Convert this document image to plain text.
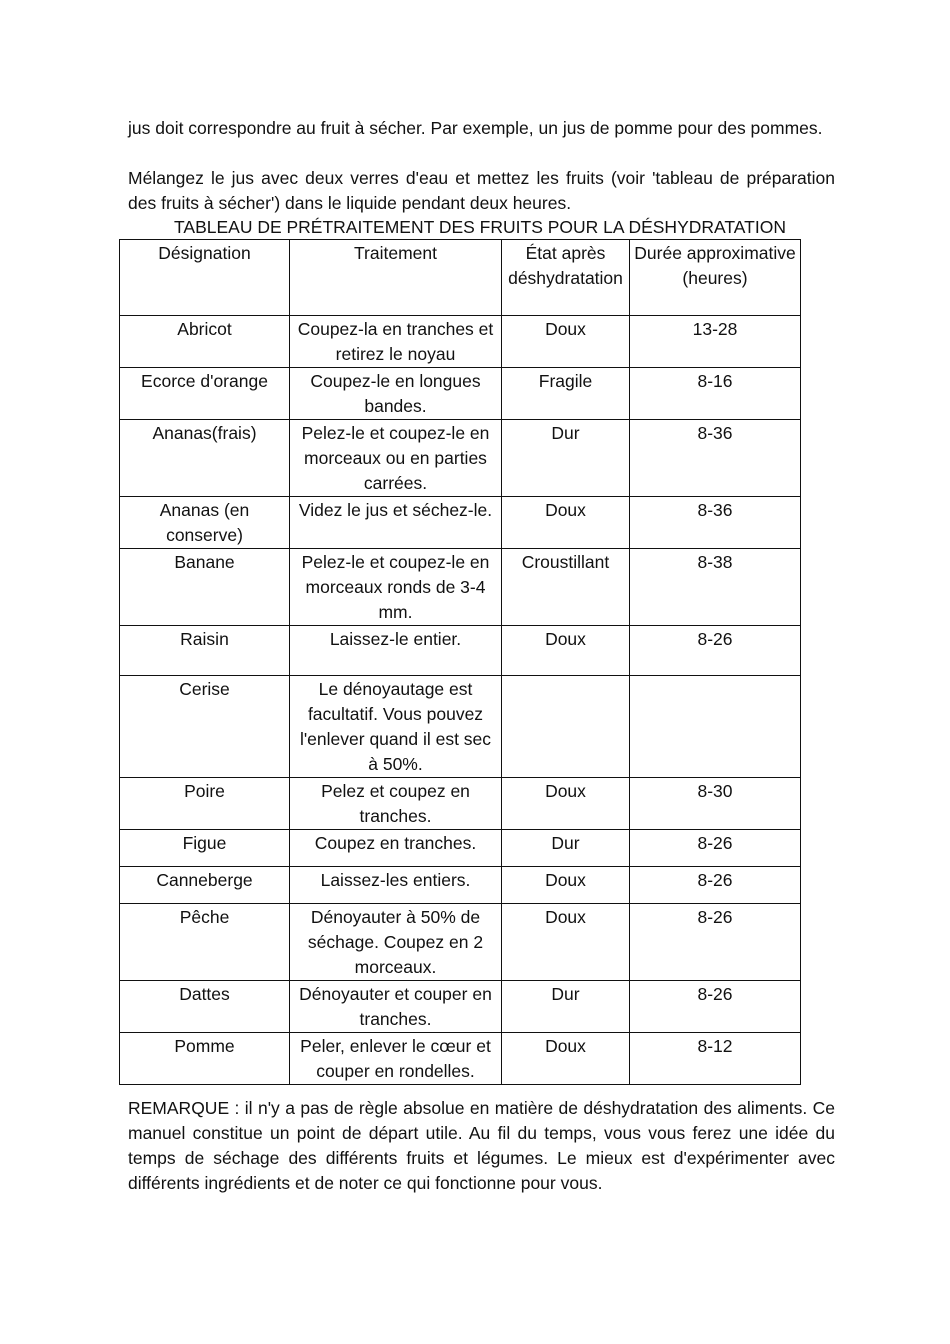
jus doit correspondre au fruit à sécher. Par exemple, un jus de pomme pour des pommes.

Mélangez le jus avec deux verres d'eau et mettez les fruits (voir 'tableau de préparation des fruits à sécher') dans le liquide pendant deux heures.

TABLEAU DE PRÉTRAITEMENT DES FRUITS POUR LA DÉSHYDRATATION

Désignation	Traitement	État après déshydratation	Durée approximative (heures)
Abricot	Coupez-la en tranches et retirez le noyau	Doux	13-28
Ecorce d'orange	Coupez-le en longues bandes.	Fragile	8-16
Ananas(frais)	Pelez-le et coupez-le en morceaux ou en parties carrées.	Dur	8-36
Ananas (en conserve)	Videz le jus et séchez-le.	Doux	8-36
Banane	Pelez-le et coupez-le en morceaux ronds de 3-4 mm.	Croustillant	8-38
Raisin	Laissez-le entier.	Doux	8-26
Cerise	Le dénoyautage est facultatif. Vous pouvez l'enlever quand il est sec à 50%.		
Poire	Pelez et coupez en tranches.	Doux	8-30
Figue	Coupez en tranches.	Dur	8-26
Canneberge	Laissez-les entiers.	Doux	8-26
Pêche	Dénoyauter à 50% de séchage. Coupez en 2 morceaux.	Doux	8-26
Dattes	Dénoyauter et couper en tranches.	Dur	8-26
Pomme	Peler, enlever le cœur et couper en rondelles.	Doux	8-12

REMARQUE : il n'y a pas de règle absolue en matière de déshydratation des aliments. Ce manuel constitue un point de départ utile. Au fil du temps, vous vous ferez une idée du temps de séchage des différents fruits et légumes. Le mieux est d'expérimenter avec différents ingrédients et de noter ce qui fonctionne pour vous.
